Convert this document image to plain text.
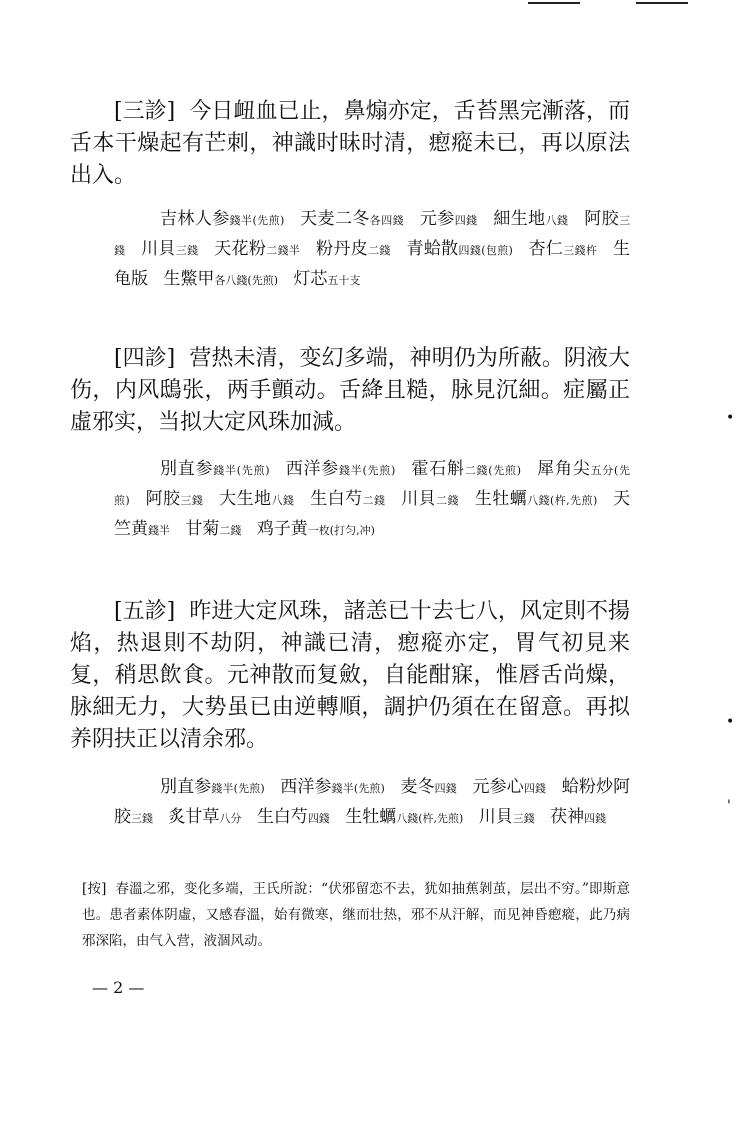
[三診] 今日衄血已止，鼻煽亦定，舌苔黑完漸落，而舌本干燥起有芒刺，神識时昧时清，瘛瘲未已，再以原法出入。
吉林人参錢半(先煎) 天麦二冬各四錢 元参四錢 細生地八錢 阿胶三錢 川貝三錢 天花粉二錢半 粉丹皮二錢 青蛤散四錢(包煎) 杏仁三錢杵 生龟版 生鱉甲各八錢(先煎) 灯芯五十支
[四診] 营热未清，变幻多端，神明仍为所蔽。阴液大伤，内风鴟张，两手顫动。舌絳且糙，脉見沉細。症屬正虛邪实，当拟大定风珠加減。
別直参錢半(先煎) 西洋参錢半(先煎) 霍石斛二錢(先煎) 犀角尖五分(先煎) 阿胶三錢 大生地八錢 生白芍二錢 川貝二錢 生牡蠣八錢(杵,先煎) 天竺黄錢半 甘菊二錢 鸡子黄一枚(打匀,冲)
[五診] 昨进大定风珠，諸恙已十去七八，风定則不揚焰，热退則不劫阴，神識已清，瘛瘲亦定，胃气初見来复，稍思飲食。元神散而复斂，自能酣寐，惟唇舌尚燥，脉細无力，大势虽已由逆轉順，調护仍須在在留意。再拟养阴扶正以清余邪。
別直参錢半(先煎) 西洋参錢半(先煎) 麦冬四錢 元参心四錢 蛤粉炒阿胶三錢 炙甘草八分 生白芍四錢 生牡蠣八錢(杵,先煎) 川貝三錢 茯神四錢
[按] 春溫之邪，变化多端，王氏所說：“伏邪留恋不去，犹如抽蕉剝茧，层出不穷。”即斯意也。患者素体阴虛，又感春溫，始有微寒，继而壮热，邪不从汗解，而见神昏瘛瘲，此乃病邪深陷，由气入营，液涸风动。
— 2 —
•
•
'
